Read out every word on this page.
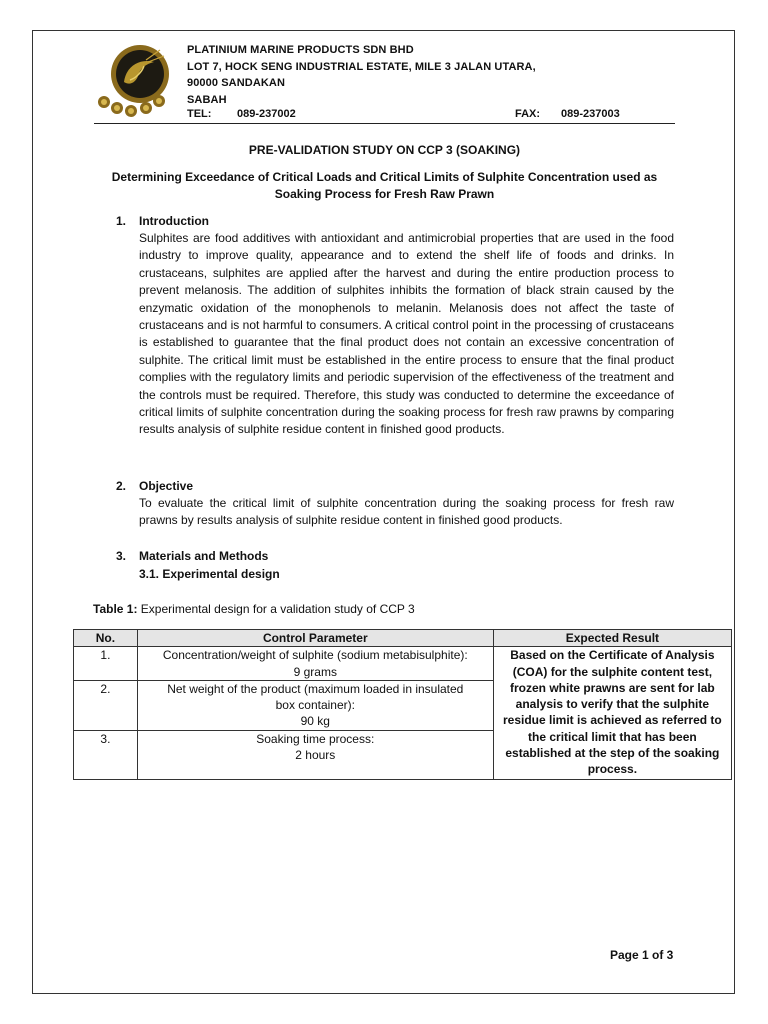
PLATINIUM MARINE PRODUCTS SDN BHD
LOT 7, HOCK SENG INDUSTRIAL ESTATE, MILE 3 JALAN UTARA,
90000 SANDAKAN
SABAH
TEL: 089-237002	FAX: 089-237003
PRE-VALIDATION STUDY ON CCP 3 (SOAKING)
Determining Exceedance of Critical Loads and Critical Limits of Sulphite Concentration used as
Soaking Process for Fresh Raw Prawn
1. Introduction
Sulphites are food additives with antioxidant and antimicrobial properties that are used in the food industry to improve quality, appearance and to extend the shelf life of foods and drinks. In crustaceans, sulphites are applied after the harvest and during the entire production process to prevent melanosis. The addition of sulphites inhibits the formation of black strain caused by the enzymatic oxidation of the monophenols to melanin. Melanosis does not affect the taste of crustaceans and is not harmful to consumers. A critical control point in the processing of crustaceans is established to guarantee that the final product does not contain an excessive concentration of sulphite. The critical limit must be established in the entire process to ensure that the final product complies with the regulatory limits and periodic supervision of the effectiveness of the treatment and the controls must be required. Therefore, this study was conducted to determine the exceedance of critical limits of sulphite concentration during the soaking process for fresh raw prawns by comparing results analysis of sulphite residue content in finished good products.
2. Objective
To evaluate the critical limit of sulphite concentration during the soaking process for fresh raw prawns by results analysis of sulphite residue content in finished good products.
3. Materials and Methods
3.1. Experimental design
Table 1: Experimental design for a validation study of CCP 3
No.	Control Parameter	Expected Result
1.	Concentration/weight of sulphite (sodium metabisulphite):
9 grams	Based on the Certificate of Analysis (COA) for the sulphite content test, frozen white prawns are sent for lab analysis to verify that the sulphite residue limit is achieved as referred to the critical limit that has been established at the step of the soaking process.
2.	Net weight of the product (maximum loaded in insulated
box container):
90 kg	

3.	Soaking time process:
2 hours	
Page 1 of 3
